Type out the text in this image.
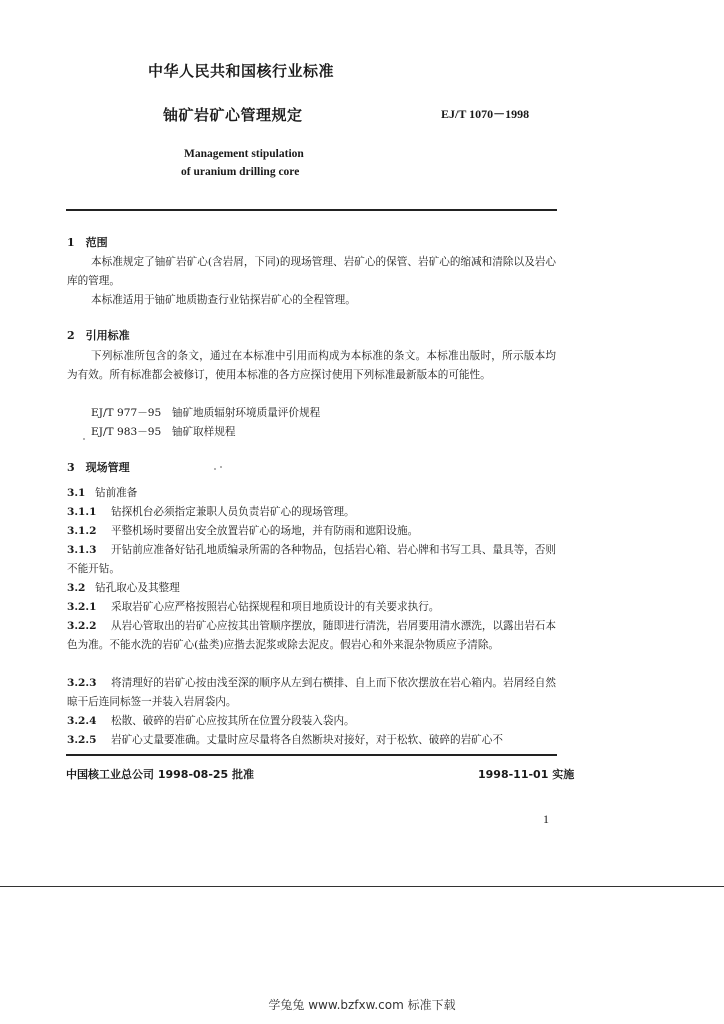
中华人民共和国核行业标准
铀矿岩矿心管理规定	EJ/T 1070－1998
Management stipulation
of uranium drilling core
1　范围
本标准规定了铀矿岩矿心(含岩屑，下同)的现场管理、岩矿心的保管、岩矿心的缩减和清除以及岩心库的管理。
本标准适用于铀矿地质勘查行业钻探岩矿心的全程管理。
2　引用标准
下列标准所包含的条文，通过在本标准中引用而构成为本标准的条文。本标准出版时，所示版本均为有效。所有标准都会被修订，使用本标准的各方应探讨使用下列标准最新版本的可能性。
EJ/T 977－95　铀矿地质辐射环境质量评价规程
EJ/T 983－95　铀矿取样规程
3　现场管理
3.1 钻前准备
3.1.1 钻探机台必须指定兼职人员负责岩矿心的现场管理。
3.1.2 平整机场时要留出安全放置岩矿心的场地，并有防雨和遮阳设施。
3.1.3 开钻前应准备好钻孔地质编录所需的各种物品，包括岩心箱、岩心牌和书写工具、量具等，否则不能开钻。
3.2 钻孔取心及其整理
3.2.1 采取岩矿心应严格按照岩心钻探规程和项目地质设计的有关要求执行。
3.2.2 从岩心管取出的岩矿心应按其出管顺序摆放，随即进行清洗，岩屑要用清水漂洗，以露出岩石本色为准。不能水洗的岩矿心(盐类)应揩去泥浆或除去泥皮。假岩心和外来混杂物质应予清除。
3.2.3 将清理好的岩矿心按由浅至深的顺序从左到右横排、自上而下依次摆放在岩心箱内。岩屑经自然晾干后连同标签一并装入岩屑袋内。
3.2.4 松散、破碎的岩矿心应按其所在位置分段装入袋内。
3.2.5 岩矿心丈量要准确。丈量时应尽量将各自然断块对接好，对于松软、破碎的岩矿心不
中国核工业总公司 1998-08-25 批准	1998-11-01 实施
1
学兔兔 www.bzfxw.com 标准下载
